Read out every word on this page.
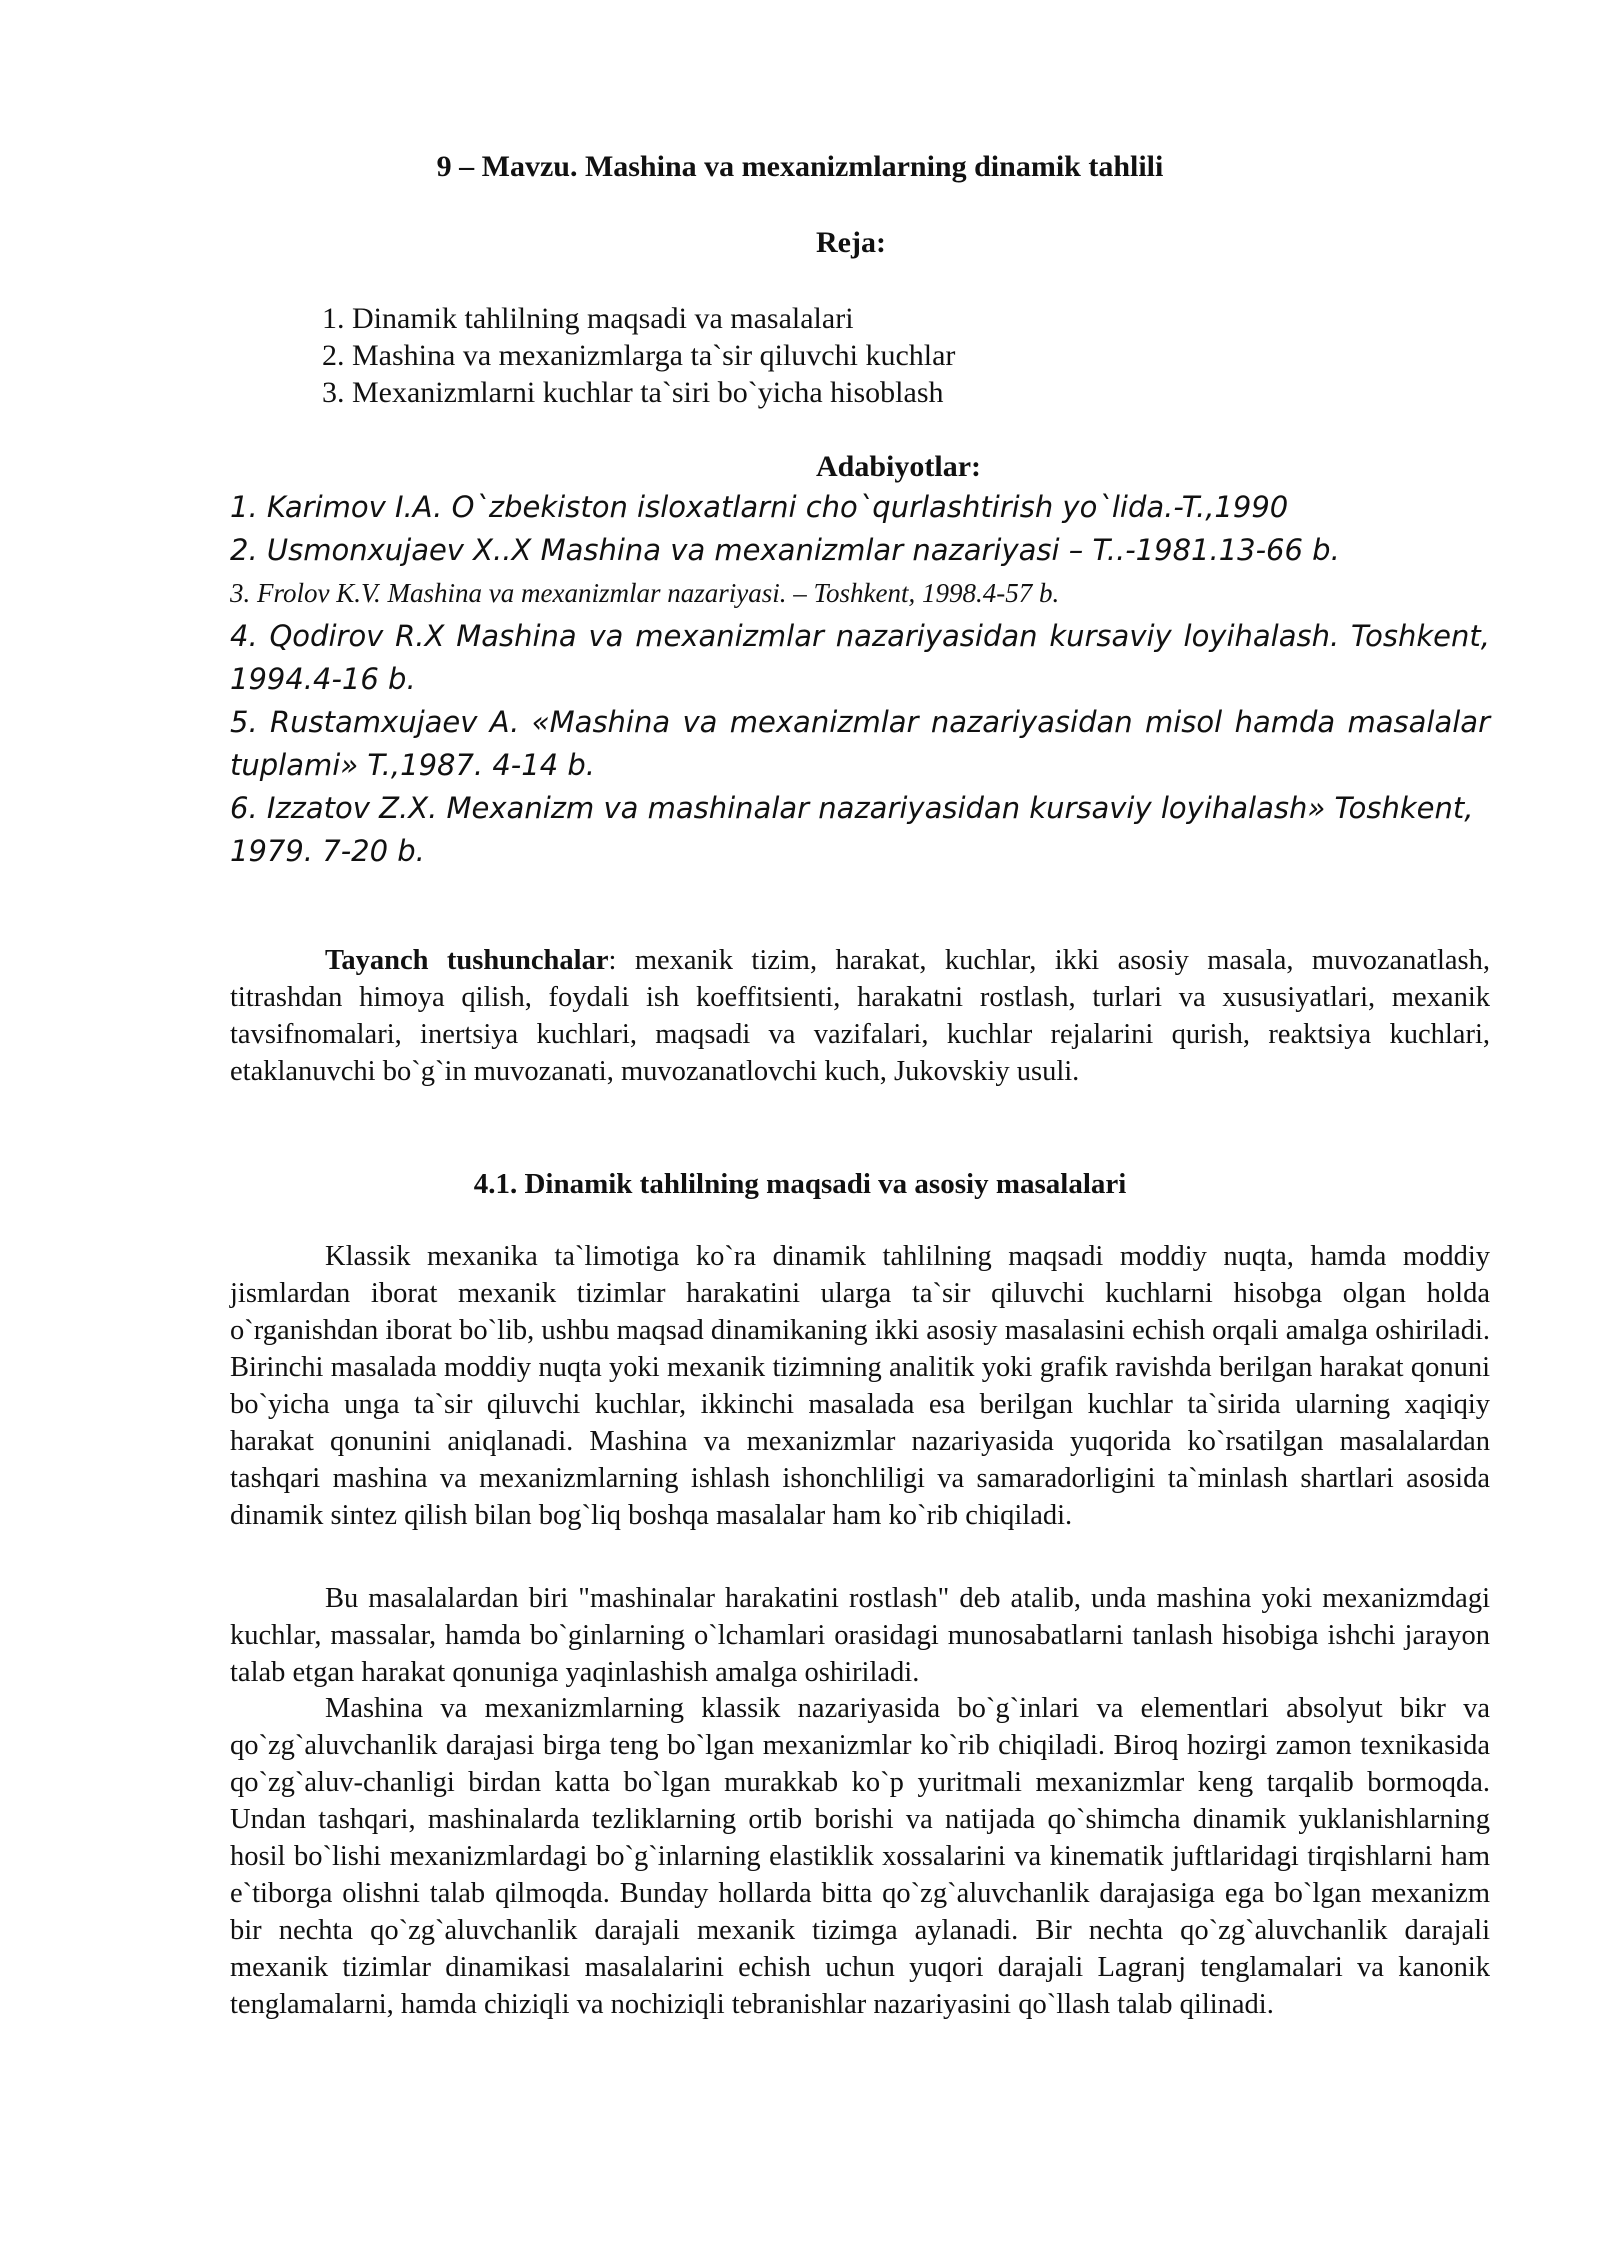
9 – Mavzu. Mashina va mexanizmlarning dinamik tahlili
Reja:
1. Dinamik tahlilning maqsadi va masalalari
2. Mashina va mexanizmlarga ta`sir qiluvchi kuchlar
3. Mexanizmlarni kuchlar ta`siri bo`yicha hisoblash
Adabiyotlar:
1. Karimov I.A. O`zbekiston isloxatlarni cho`qurlashtirish yo`lida.-T.,1990
2. Usmonxujaev X..X Mashina va mexanizmlar nazariyasi – T..-1981.13-66 b.
3. Frolov K.V. Mashina va mexanizmlar nazariyasi. – Toshkent, 1998.4-57 b.
4. Qodirov R.X Mashina va mexanizmlar nazariyasidan kursaviy loyihalash. Toshkent, 1994.4-16 b.
5. Rustamxujaev A. «Mashina va mexanizmlar nazariyasidan misol hamda masalalar tuplami» T.,1987. 4-14 b.
6. Izzatov Z.X. Mexanizm va mashinalar nazariyasidan kursaviy loyihalash» Toshkent, 1979. 7-20 b.
Tayanch tushunchalar: mexanik tizim, harakat, kuchlar, ikki asosiy masala, muvozanatlash, titrashdan himoya qilish, foydali ish koeffitsienti, harakatni rostlash, turlari va xususiyatlari, mexanik tavsifnomalari, inertsiya kuchlari, maqsadi va vazifalari, kuchlar rejalarini qurish, reaktsiya kuchlari, etaklanuvchi bo`g`in muvozanati, muvozanatlovchi kuch, Jukovskiy usuli.
4.1. Dinamik tahlilning maqsadi va asosiy masalalari
Klassik mexanika ta`limotiga ko`ra dinamik tahlilning maqsadi moddiy nuqta, hamda moddiy jismlardan iborat mexanik tizimlar harakatini ularga ta`sir qiluvchi kuchlarni hisobga olgan holda o`rganishdan iborat bo`lib, ushbu maqsad dinamikaning ikki asosiy masalasini echish orqali amalga oshiriladi. Birinchi masalada moddiy nuqta yoki mexanik tizimning analitik yoki grafik ravishda berilgan harakat qonuni bo`yicha unga ta`sir qiluvchi kuchlar, ikkinchi masalada esa berilgan kuchlar ta`sirida ularning xaqiqiy harakat qonunini aniqlanadi. Mashina va mexanizmlar nazariyasida yuqorida ko`rsatilgan masalalardan tashqari mashina va mexanizmlarning ishlash ishonchliligi va samaradorligini ta`minlash shartlari asosida dinamik sintez qilish bilan bog`liq boshqa masalalar ham ko`rib chiqiladi.
Bu masalalardan biri "mashinalar harakatini rostlash" deb atalib, unda mashina yoki mexanizmdagi kuchlar, massalar, hamda bo`ginlarning o`lchamlari orasidagi munosabatlarni tanlash hisobiga ishchi jarayon talab etgan harakat qonuniga yaqinlashish amalga oshiriladi.
Mashina va mexanizmlarning klassik nazariyasida bo`g`inlari va elementlari absolyut bikr va qo`zg`aluvchanlik darajasi birga teng bo`lgan mexanizmlar ko`rib chiqiladi. Biroq hozirgi zamon texnikasida qo`zg`aluv-chanligi birdan katta bo`lgan murakkab ko`p yuritmali mexanizmlar keng tarqalib bormoqda. Undan tashqari, mashinalarda tezliklarning ortib borishi va natijada qo`shimcha dinamik yuklanishlarning hosil bo`lishi mexanizmlardagi bo`g`inlarning elastiklik xossalarini va kinematik juftlaridagi tirqishlarni ham e`tiborga olishni talab qilmoqda. Bunday hollarda bitta qo`zg`aluvchanlik darajasiga ega bo`lgan mexanizm bir nechta qo`zg`aluvchanlik darajali mexanik tizimga aylanadi. Bir nechta qo`zg`aluvchanlik darajali mexanik tizimlar dinamikasi masalalarini echish uchun yuqori darajali Lagranj tenglamalari va kanonik tenglamalarni, hamda chiziqli va nochiziqli tebranishlar nazariyasini qo`llash talab qilinadi.
